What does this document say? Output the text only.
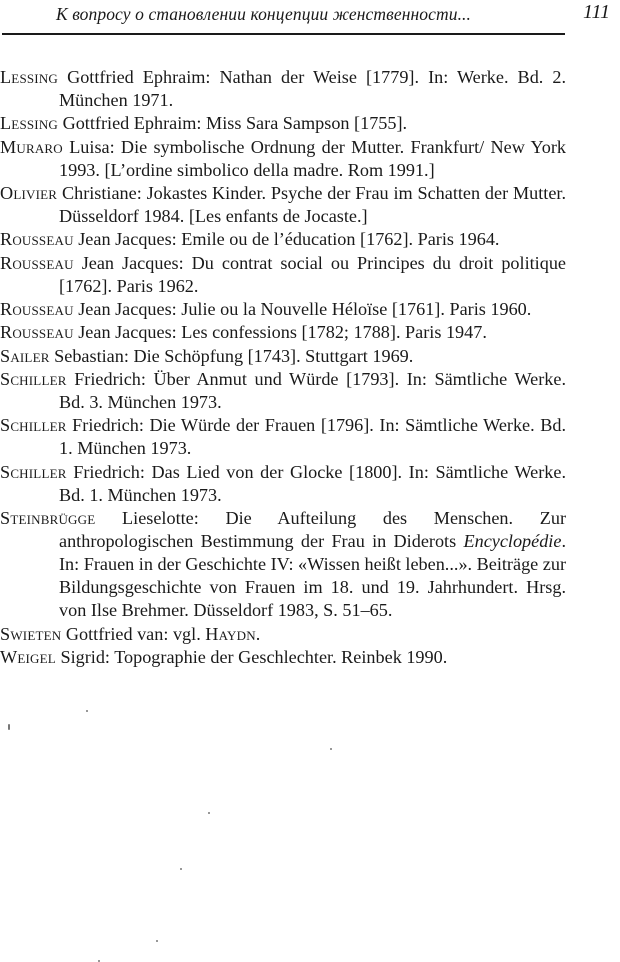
К вопросу о становлении концепции женственности...	111

Lessing Gottfried Ephraim: Nathan der Weise [1779]. In: Werke. Bd. 2. München 1971.

Lessing Gottfried Ephraim: Miss Sara Sampson [1755].

Muraro Luisa: Die symbolische Ordnung der Mutter. Frankfurt/ New York 1993. [L’ordine simbolico della madre. Rom 1991.]

Olivier Christiane: Jokastes Kinder. Psyche der Frau im Schatten der Mutter. Düsseldorf 1984. [Les enfants de Jocaste.]

Rousseau Jean Jacques: Emile ou de l’éducation [1762]. Paris 1964.

Rousseau Jean Jacques: Du contrat social ou Principes du droit politique [1762]. Paris 1962.

Rousseau Jean Jacques: Julie ou la Nouvelle Héloïse [1761]. Paris 1960.

Rousseau Jean Jacques: Les confessions [1782; 1788]. Paris 1947.

Sailer Sebastian: Die Schöpfung [1743]. Stuttgart 1969.

Schiller Friedrich: Über Anmut und Würde [1793]. In: Sämtliche Werke. Bd. 3. München 1973.

Schiller Friedrich: Die Würde der Frauen [1796]. In: Sämtliche Werke. Bd. 1. München 1973.

Schiller Friedrich: Das Lied von der Glocke [1800]. In: Sämtliche Werke. Bd. 1. München 1973.

Steinbrügge Lieselotte: Die Aufteilung des Menschen. Zur anthropologischen Bestimmung der Frau in Diderots Encyclopédie. In: Frauen in der Geschichte IV: «Wissen heißt leben...». Beiträge zur Bildungsgeschichte von Frauen im 18. und 19. Jahrhundert. Hrsg. von Ilse Brehmer. Düsseldorf 1983, S. 51–65.

Swieten Gottfried van: vgl. Haydn.

Weigel Sigrid: Topographie der Geschlechter. Reinbek 1990.
